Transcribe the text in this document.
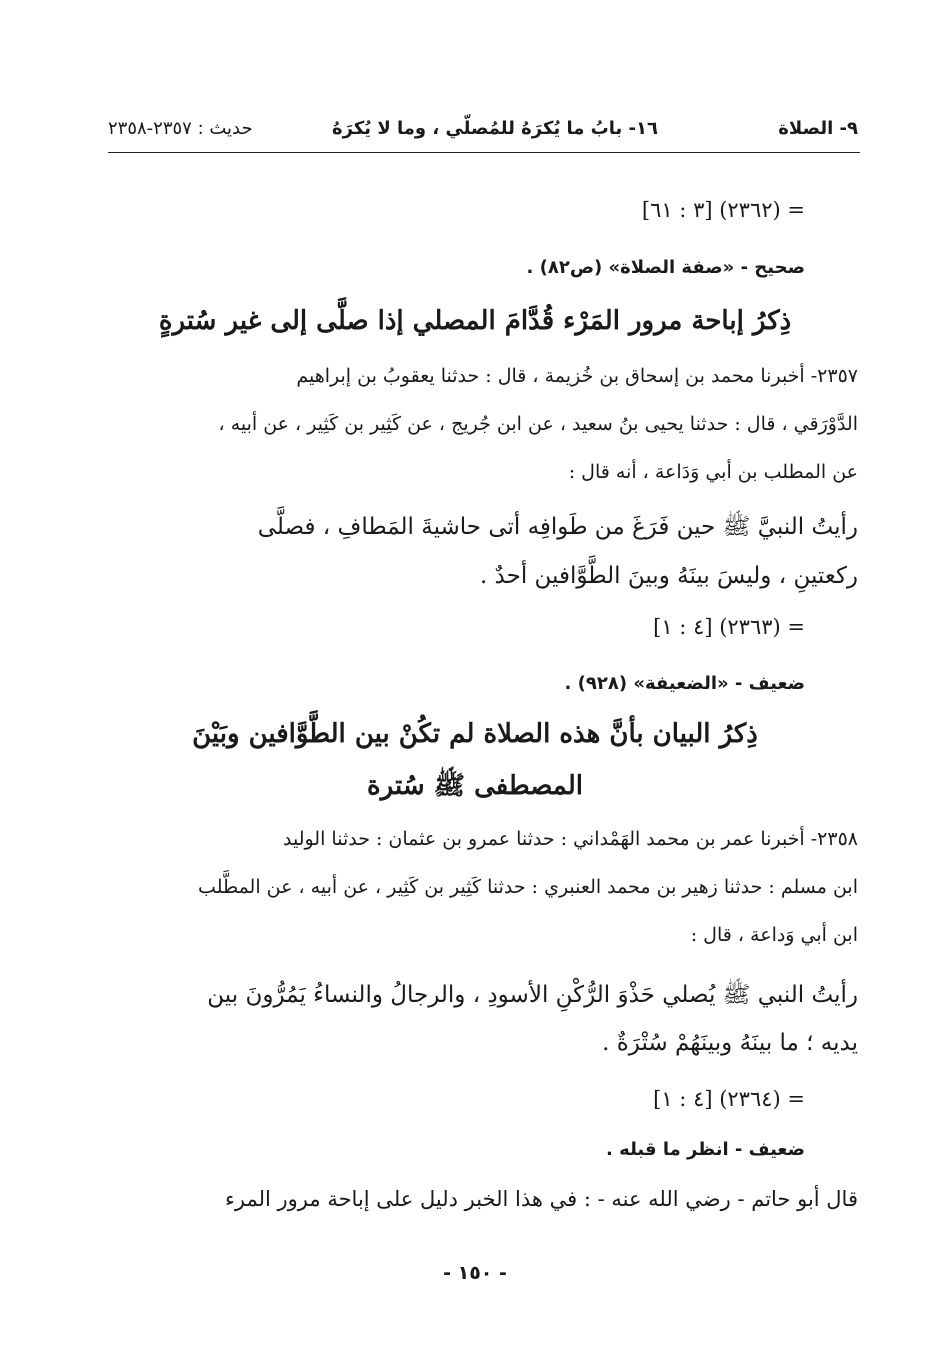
٩- الصلاة
١٦- بابُ ما يُكرَهُ للمُصلّي ، وما لا يُكرَهُ
حديث : ٢٣٥٧-٢٣٥٨
= (٢٣٦٢) [٣ : ٦١]
صحيح - «صفة الصلاة» (ص٨٢) .
ذِكرُ إباحة مرور المَرْء قُدَّامَ المصلي إذا صلَّى إلى غير سُترةٍ
٢٣٥٧- أخبرنا محمد بن إسحاق بن خُزيمة ، قال : حدثنا يعقوبُ بن إبراهيم
الدَّوْرَقي ، قال : حدثنا يحيى بنُ سعيد ، عن ابن جُريج ، عن كَثِير بن كَثِير ، عن أبيه ،
عن المطلب بن أبي وَدَاعة ، أنه قال :
رأيتُ النبيَّ ﷺ حين فَرَغَ من طَوافِه أتى حاشيةَ المَطافِ ، فصلَّى
ركعتينِ ، وليسَ بينَهُ وبينَ الطَّوَّافين أحدٌ .
= (٢٣٦٣) [٤ : ١]
ضعيف - «الضعيفة» (٩٢٨) .
ذِكرُ البيان بأنَّ هذه الصلاة لم تكُنْ بين الطَّوَّافين وبَيْنَ
المصطفى ﷺ سُترة
٢٣٥٨- أخبرنا عمر بن محمد الهَمْداني : حدثنا عمرو بن عثمان : حدثنا الوليد
ابن مسلم : حدثنا زهير بن محمد العنبري : حدثنا كَثِير بن كَثِير ، عن أبيه ، عن المطَّلب
ابن أبي وَداعة ، قال :
رأيتُ النبي ﷺ يُصلي حَذْوَ الرُّكْنِ الأسودِ ، والرجالُ والنساءُ يَمُرُّونَ بين
يديه ؛ ما بينَهُ وبينَهُمْ سُتْرَةٌ .
= (٢٣٦٤) [٤ : ١]
ضعيف - انظر ما قبله .
قال أبو حاتم - رضي الله عنه - : في هذا الخبر دليل على إباحة مرور المرء
- ١٥٠ -
